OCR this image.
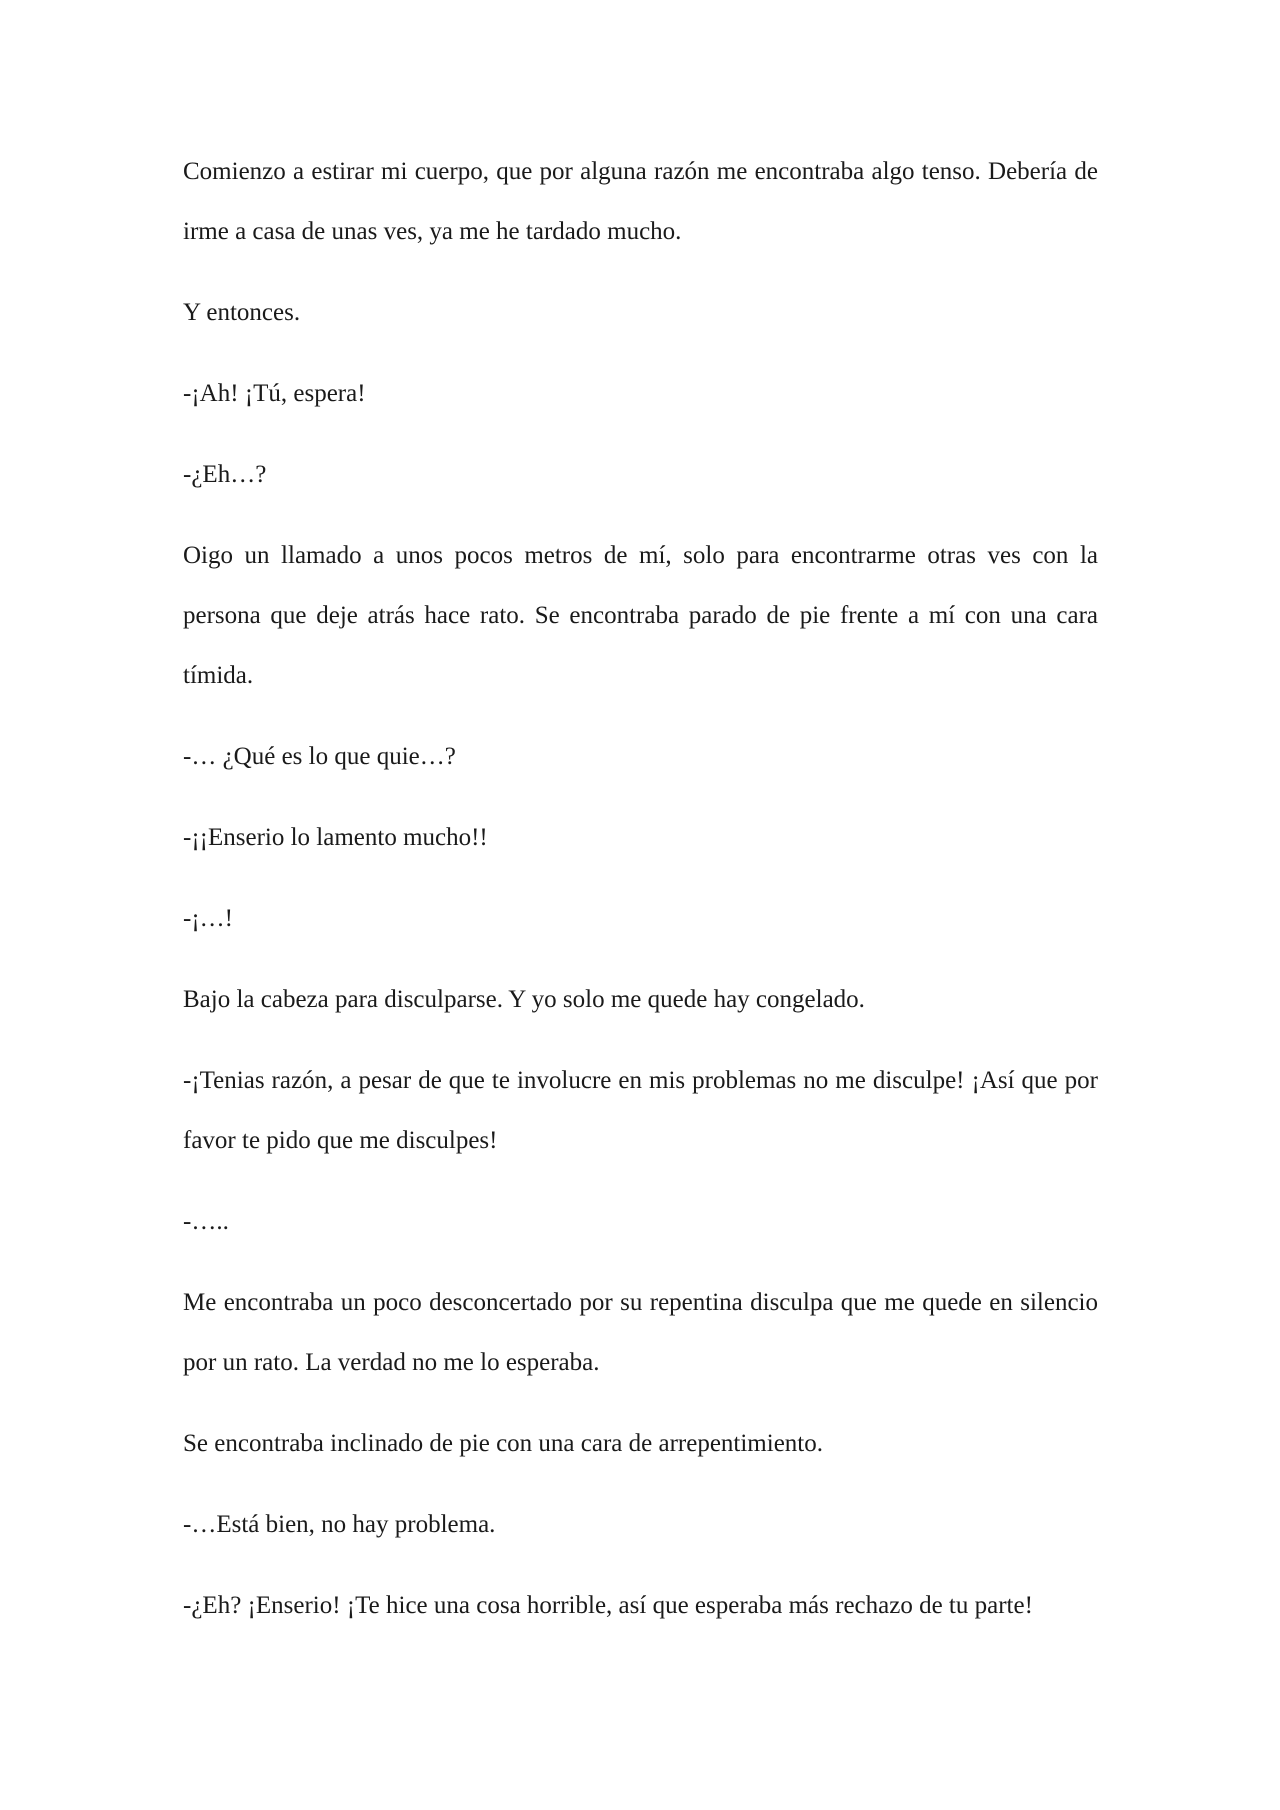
Comienzo a estirar mi cuerpo, que por alguna razón me encontraba algo tenso. Debería de irme a casa de unas ves, ya me he tardado mucho.

Y entonces.

-¡Ah! ¡Tú, espera!

-¿Eh…?

Oigo un llamado a unos pocos metros de mí, solo para encontrarme otras ves con la persona que deje atrás hace rato. Se encontraba parado de pie frente a mí con una cara tímida.

-… ¿Qué es lo que quie…?

-¡¡Enserio lo lamento mucho!!

-¡…!

Bajo la cabeza para disculparse. Y yo solo me quede hay congelado.

-¡Tenias razón, a pesar de que te involucre en mis problemas no me disculpe! ¡Así que por favor te pido que me disculpes!

-…..

Me encontraba un poco desconcertado por su repentina disculpa que me quede en silencio por un rato. La verdad no me lo esperaba.

Se encontraba inclinado de pie con una cara de arrepentimiento.

-…Está bien, no hay problema.

-¿Eh? ¡Enserio! ¡Te hice una cosa horrible, así que esperaba más rechazo de tu parte!
